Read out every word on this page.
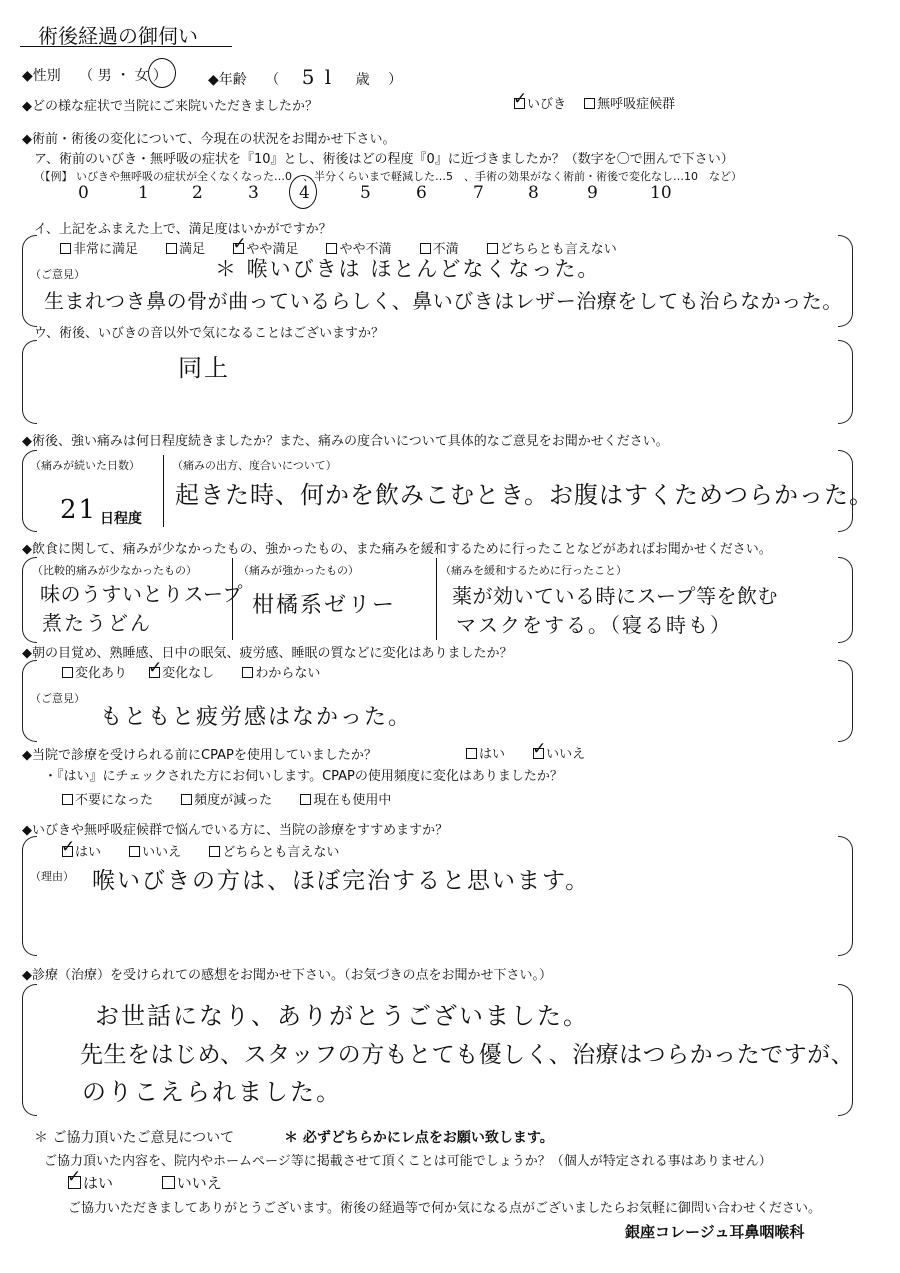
術後経過の御伺い
◆性別 （ 男 ・ 女 ）	◆年齢 （ 5 l 歳 ）
◆どの様な症状で当院にご来院いただきましたか？ ✓	いびき 無呼吸症候群
◆術前・術後の変化について、今現在の状況をお聞かせ下さい。
ア、術前のいびき・無呼吸の症状を『10』とし、術後はどの程度『0』に近づきましたか？（数字を〇で囲んで下さい）
（【例】 いびきや無呼吸の症状が全くなくなった…0　、半分くらいまで軽減した…5　、手術の効果がなく術前・術後で変化なし…10　など）
0	1	2	3 4	5	6	7	8	9	10
イ、上記をふまえた上で、満足度はいかがですか？
非常に満足	満足 ✓	やや満足	やや不満	不満	どちらとも言えない
（ご意見）	＊ 喉いびきは ほとんどなくなった。
生まれつき鼻の骨が曲っているらしく、鼻いびきはレザー治療をしても治らなかった。
ウ、術後、いびきの音以外で気になることはございますか？
同上
◆術後、強い痛みは何日程度続きましたか？また、痛みの度合いについて具体的なご意見をお聞かせください。
（痛みが続いた日数）
21 日程度
（痛みの出方、度合いについて）
起きた時、何かを飲みこむとき。お腹はすくためつらかった。
◆飲食に関して、痛みが少なかったもの、強かったもの、また痛みを緩和するために行ったことなどがあればお聞かせください。
（比較的痛みが少なかったもの）
味のうすいとりスープ
煮たうどん
（痛みが強かったもの）
柑橘系ゼリー
（痛みを緩和するために行ったこと）
薬が効いている時にスープ等を飲む
マスクをする。（寝る時も）
◆朝の目覚め、熟睡感、日中の眠気、疲労感、睡眠の質などに変化はありましたか？
変化あり ✓	変化なし	わからない
（ご意見）
もともと疲労感はなかった。
◆当院で診療を受けられる前にCPAPを使用していましたか？	はい ✓	いいえ
・『はい』にチェックされた方にお伺いします。CPAPの使用頻度に変化はありましたか？
不要になった	頻度が減った	現在も使用中
◆いびきや無呼吸症候群で悩んでいる方に、当院の診療をすすめますか？
✓はい	いいえ	どちらとも言えない
（理由） 喉いびきの方は、ほぼ完治すると思います。
◆診療（治療）を受けられての感想をお聞かせ下さい。（お気づきの点をお聞かせ下さい。）
お世話になり、ありがとうございました。
先生をはじめ、スタッフの方もとても優しく、治療はつらかったですが、
のりこえられました。
＊ ご協力頂いたご意見について	＊ 必ずどちらかにレ点をお願い致します。
ご協力頂いた内容を、院内やホームページ等に掲載させて頂くことは可能でしょうか？（個人が特定される事はありません）
✓はい	いいえ
ご協力いただきましてありがとうございます。術後の経過等で何か気になる点がございましたらお気軽に御問い合わせください。
銀座コレージュ耳鼻咽喉科
